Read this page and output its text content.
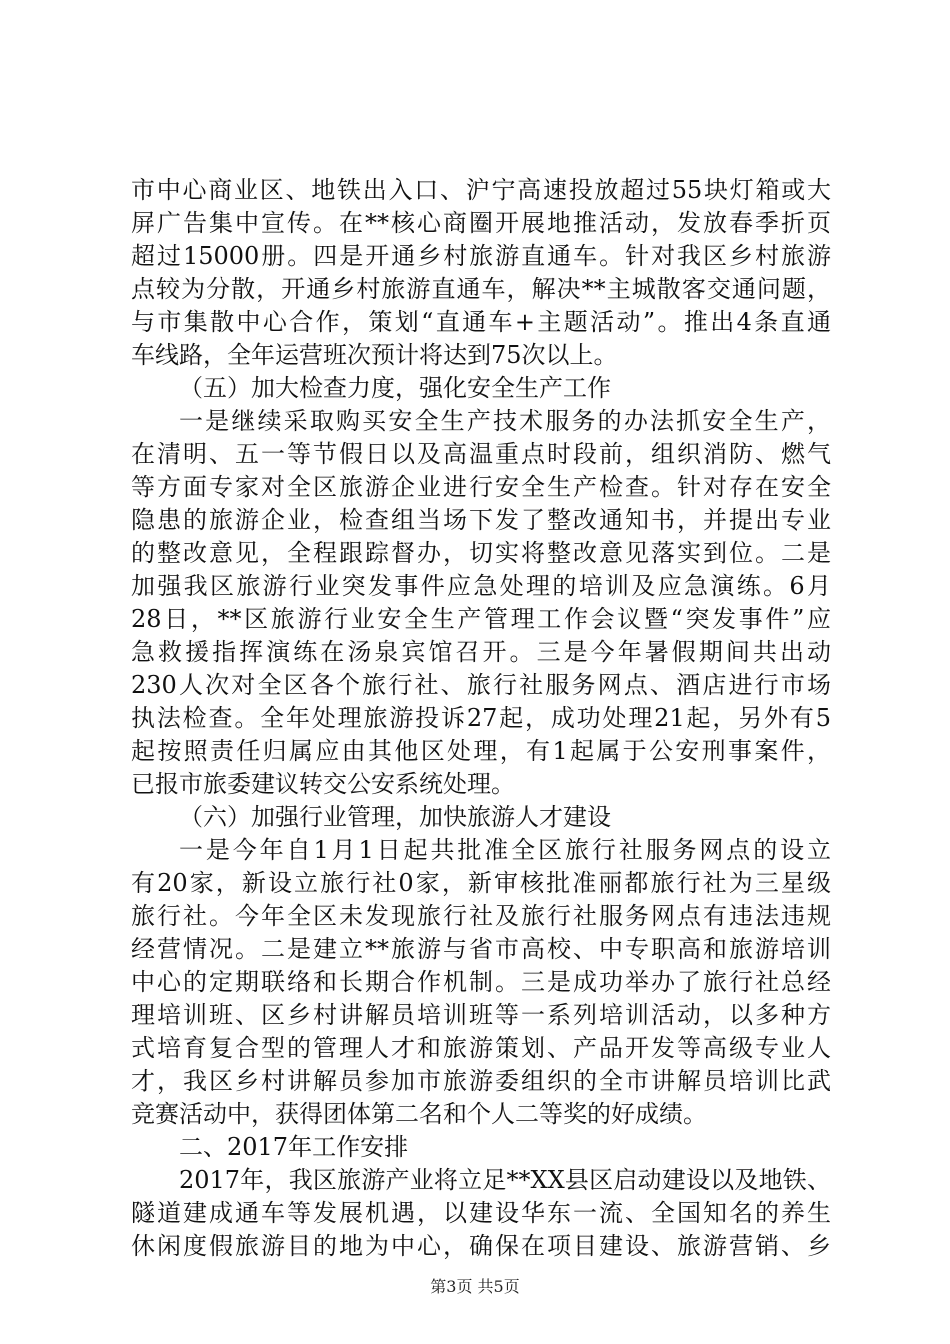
市中心商业区、地铁出入口、沪宁高速投放超过55块灯箱或大
屏广告集中宣传。在**核心商圈开展地推活动，发放春季折页
超过15000册。四是开通乡村旅游直通车。针对我区乡村旅游
点较为分散，开通乡村旅游直通车，解决**主城散客交通问题，
与市集散中心合作，策划“直通车+主题活动”。推出4条直通
车线路，全年运营班次预计将达到75次以上。
（五）加大检查力度，强化安全生产工作
一是继续采取购买安全生产技术服务的办法抓安全生产，
在清明、五一等节假日以及高温重点时段前，组织消防、燃气
等方面专家对全区旅游企业进行安全生产检查。针对存在安全
隐患的旅游企业，检查组当场下发了整改通知书，并提出专业
的整改意见，全程跟踪督办，切实将整改意见落实到位。二是
加强我区旅游行业突发事件应急处理的培训及应急演练。6月
28日，**区旅游行业安全生产管理工作会议暨“突发事件”应
急救援指挥演练在汤泉宾馆召开。三是今年暑假期间共出动
230人次对全区各个旅行社、旅行社服务网点、酒店进行市场
执法检查。全年处理旅游投诉27起，成功处理21起，另外有5
起按照责任归属应由其他区处理，有1起属于公安刑事案件，
已报市旅委建议转交公安系统处理。
（六）加强行业管理，加快旅游人才建设
一是今年自1月1日起共批准全区旅行社服务网点的设立
有20家，新设立旅行社0家，新审核批准丽都旅行社为三星级
旅行社。今年全区未发现旅行社及旅行社服务网点有违法违规
经营情况。二是建立**旅游与省市高校、中专职高和旅游培训
中心的定期联络和长期合作机制。三是成功举办了旅行社总经
理培训班、区乡村讲解员培训班等一系列培训活动，以多种方
式培育复合型的管理人才和旅游策划、产品开发等高级专业人
才，我区乡村讲解员参加市旅游委组织的全市讲解员培训比武
竞赛活动中，获得团体第二名和个人二等奖的好成绩。
二、2017年工作安排
2017年，我区旅游产业将立足**XX县区启动建设以及地铁、
隧道建成通车等发展机遇，以建设华东一流、全国知名的养生
休闲度假旅游目的地为中心，确保在项目建设、旅游营销、乡
第3页 共5页
